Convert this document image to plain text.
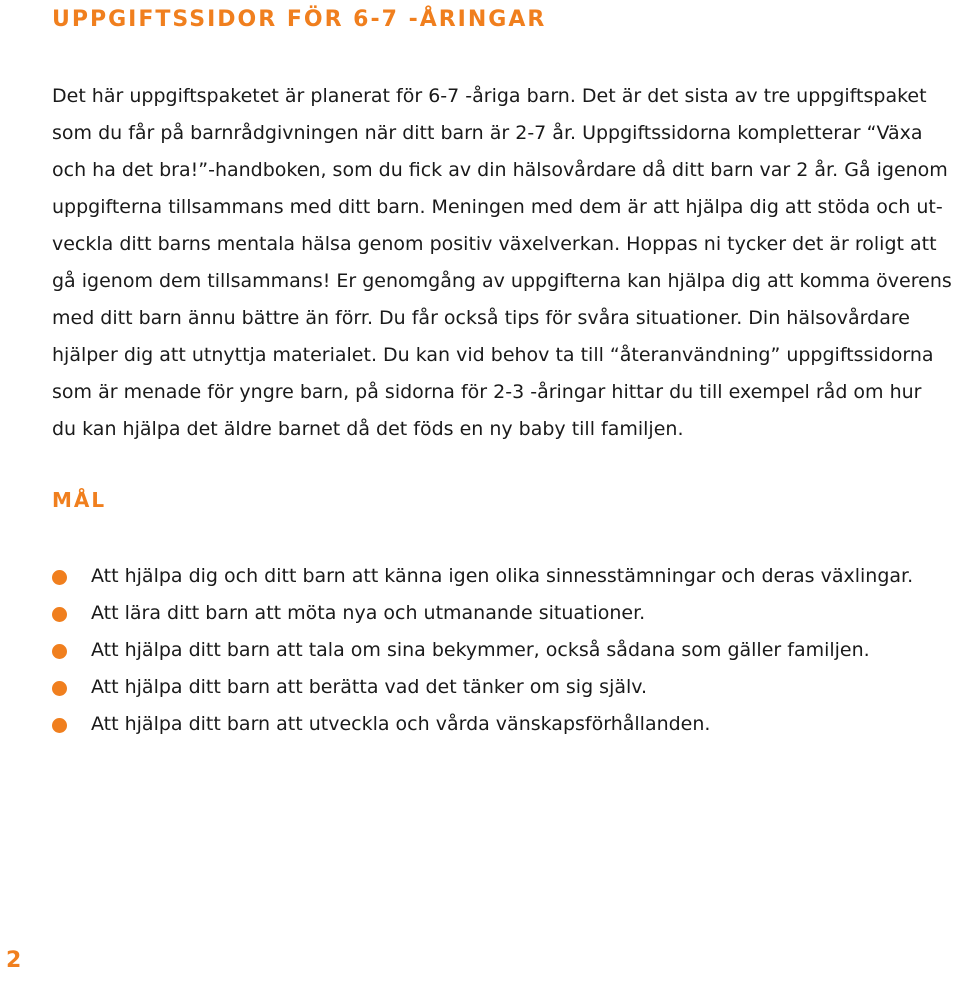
UPPGIFTSSIDOR FÖR 6-7 -ÅRINGAR
Det här uppgiftspaketet är planerat för 6-7 -åriga barn. Det är det sista av tre uppgiftspaket
som du får på barnrådgivningen när ditt barn är 2-7 år. Uppgiftssidorna kompletterar “Växa
och ha det bra!”-handboken, som du fick av din hälsovårdare då ditt barn var 2 år. Gå igenom
uppgifterna tillsammans med ditt barn. Meningen med dem är att hjälpa dig att stöda och ut-
veckla ditt barns mentala hälsa genom positiv växelverkan. Hoppas ni tycker det är roligt att
gå igenom dem tillsammans! Er genomgång av uppgifterna kan hjälpa dig att komma överens
med ditt barn ännu bättre än förr. Du får också tips för svåra situationer. Din hälsovårdare
hjälper dig att utnyttja materialet. Du kan vid behov ta till “återanvändning” uppgiftssidorna
som är menade för yngre barn, på sidorna för 2-3 -åringar hittar du till exempel råd om hur
du kan hjälpa det äldre barnet då det föds en ny baby till familjen.
MÅL
Att hjälpa dig och ditt barn att känna igen olika sinnesstämningar och deras växlingar.
Att lära ditt barn att möta nya och utmanande situationer.
Att hjälpa ditt barn att tala om sina bekymmer, också sådana som gäller familjen.
Att hjälpa ditt barn att berätta vad det tänker om sig själv.
Att hjälpa ditt barn att utveckla och vårda vänskapsförhållanden.
2
